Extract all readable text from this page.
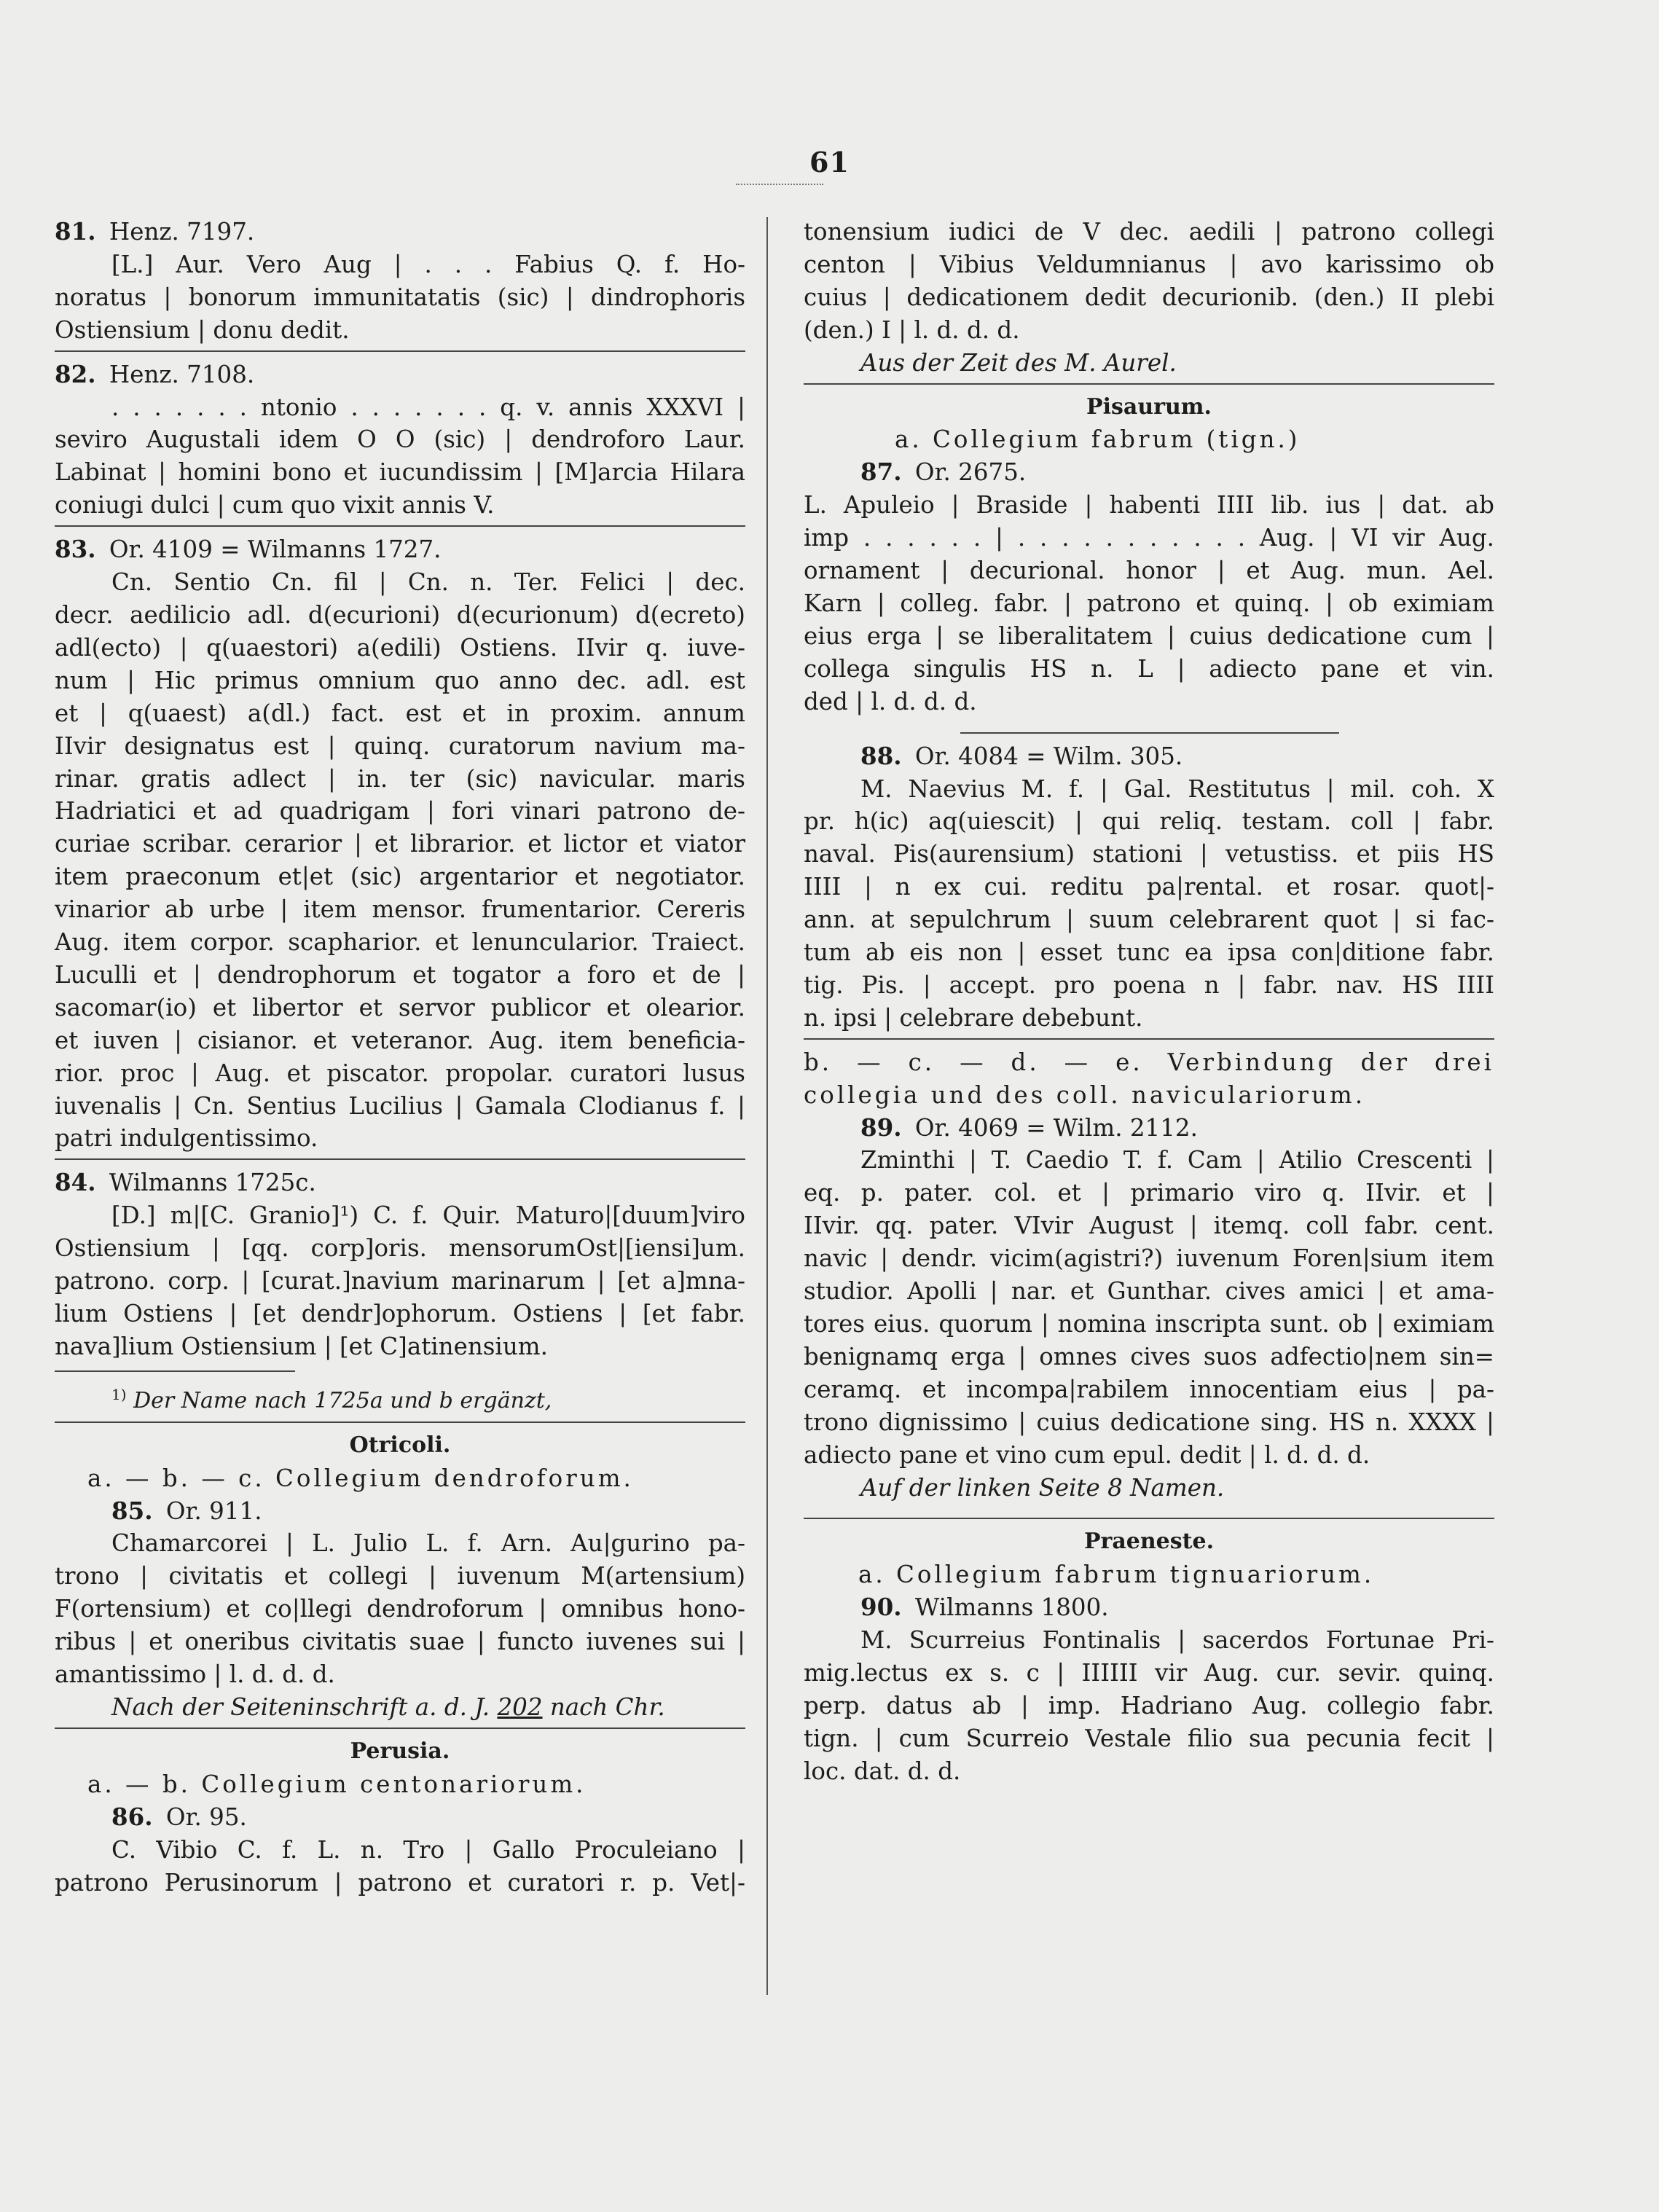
61

81. Henz. 7197.

[L.] Aur. Vero Aug | . . . Fabius Q. f. Ho-

noratus | bonorum immunitatatis (sic) | dindrophoris

Ostiensium | donu dedit.

82. Henz. 7108.

. . . . . . . ntonio . . . . . . . q. v. annis XXXVI |

seviro Augustali idem O O (sic) | dendroforo Laur.

Labinat | homini bono et iucundissim | [M]arcia Hilara

coniugi dulci | cum quo vixit annis V.

83. Or. 4109 = Wilmanns 1727.

Cn. Sentio Cn. fil | Cn. n. Ter. Felici | dec.

decr. aedilicio adl. d(ecurioni) d(ecurionum) d(ecreto)

adl(ecto) | q(uaestori) a(edili) Ostiens. IIvir q. iuve-

num | Hic primus omnium quo anno dec. adl. est

et | q(uaest) a(dl.) fact. est et in proxim. annum

IIvir designatus est | quinq. curatorum navium ma-

rinar. gratis adlect | in. ter (sic) navicular. maris

Hadriatici et ad quadrigam | fori vinari patrono de-

curiae scribar. cerarior | et librarior. et lictor et viator

item praeconum et|et (sic) argentarior et negotiator.

vinarior ab urbe | item mensor. frumentarior. Cereris

Aug. item corpor. scapharior. et lenuncularior. Traiect.

Luculli et | dendrophorum et togator a foro et de |

sacomar(io) et libertor et servor publicor et olearior.

et iuven | cisianor. et veteranor. Aug. item beneficia-

rior. proc | Aug. et piscator. propolar. curatori lusus

iuvenalis | Cn. Sentius Lucilius | Gamala Clodianus f. |

patri indulgentissimo.

84. Wilmanns 1725c.

[D.] m|[C. Granio]¹) C. f. Quir. Maturo|[duum]viro

Ostiensium | [qq. corp]oris. mensorumOst|[iensi]um.

patrono. corp. | [curat.]navium marinarum | [et a]mna-

lium Ostiens | [et dendr]ophorum. Ostiens | [et fabr.

nava]lium Ostiensium | [et C]atinensium.

$^{1)}$ Der Name nach 1725a und b ergänzt,

Otricoli.

a. — b. — c. Collegium dendroforum.

85. Or. 911.

Chamarcorei | L. Julio L. f. Arn. Au|gurino pa-

trono | civitatis et collegi | iuvenum M(artensium)

F(ortensium) et co|llegi dendroforum | omnibus hono-

ribus | et oneribus civitatis suae | functo iuvenes sui |

amantissimo | l. d. d. d.

Nach der Seiteninschrift a. d. J. 202 nach Chr.

Perusia.

a. — b. Collegium centonariorum.

86. Or. 95.

C. Vibio C. f. L. n. Tro | Gallo Proculeiano |

patrono Perusinorum | patrono et curatori r. p. Vet|-

tonensium iudici de V dec. aedili | patrono collegi

centon | Vibius Veldumnianus | avo karissimo ob

cuius | dedicationem dedit decurionib. (den.) II plebi

(den.) I | l. d. d. d.

Aus der Zeit des M. Aurel.

Pisaurum.

a. Collegium fabrum (tign.)

87. Or. 2675.

L. Apuleio | Braside | habenti IIII lib. ius | dat. ab

imp . . . . . . | . . . . . . . . . . . Aug. | VI vir Aug.

ornament | decurional. honor | et Aug. mun. Ael.

Karn | colleg. fabr. | patrono et quinq. | ob eximiam

eius erga | se liberalitatem | cuius dedicatione cum |

collega singulis HS n. L | adiecto pane et vin.

ded | l. d. d. d.

88. Or. 4084 = Wilm. 305.

M. Naevius M. f. | Gal. Restitutus | mil. coh. X

pr. h(ic) aq(uiescit) | qui reliq. testam. coll | fabr.

naval. Pis(aurensium) stationi | vetustiss. et piis HS

IIII | n ex cui. reditu pa|rental. et rosar. quot|-

ann. at sepulchrum | suum celebrarent quot | si fac-

tum ab eis non | esset tunc ea ipsa con|ditione fabr.

tig. Pis. | accept. pro poena n | fabr. nav. HS IIII

n. ipsi | celebrare debebunt.

b. — c. — d. — e. Verbindung der drei

collegia und des coll. naviculariorum.

89. Or. 4069 = Wilm. 2112.

Zminthi | T. Caedio T. f. Cam | Atilio Crescenti |

eq. p. pater. col. et | primario viro q. IIvir. et |

IIvir. qq. pater. VIvir August | itemq. coll fabr. cent.

navic | dendr. vicim(agistri?) iuvenum Foren|sium item

studior. Apolli | nar. et Gunthar. cives amici | et ama-

tores eius. quorum | nomina inscripta sunt. ob | eximiam

benignamq erga | omnes cives suos adfectio|nem sin=

ceramq. et incompa|rabilem innocentiam eius | pa-

trono dignissimo | cuius dedicatione sing. HS n. XXXX |

adiecto pane et vino cum epul. dedit | l. d. d. d.

Auf der linken Seite 8 Namen.

Praeneste.

a. Collegium fabrum tignuariorum.

90. Wilmanns 1800.

M. Scurreius Fontinalis | sacerdos Fortunae Pri-

mig.lectus ex s. c | IIIIII vir Aug. cur. sevir. quinq.

perp. datus ab | imp. Hadriano Aug. collegio fabr.

tign. | cum Scurreio Vestale filio sua pecunia fecit |

loc. dat. d. d.
